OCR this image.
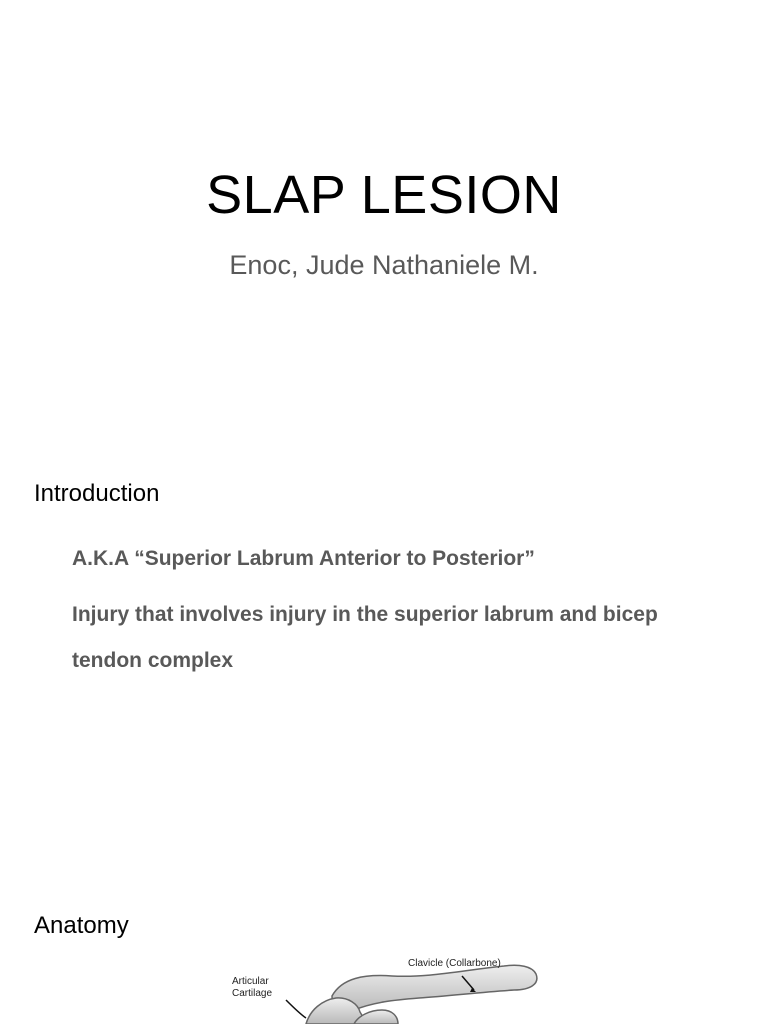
SLAP LESION
Enoc, Jude Nathaniele M.
Introduction
A.K.A “Superior Labrum Anterior to Posterior”
Injury that involves injury in the superior labrum and bicep tendon complex
Anatomy
Clavicle (Collarbone)
Articular
Cartilage
